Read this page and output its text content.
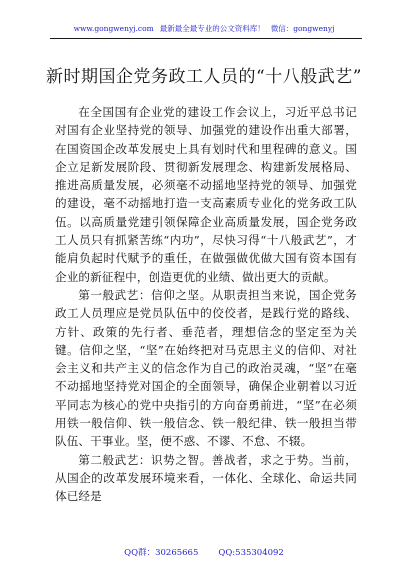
www.gongwenyj.com 最新最全最专业的公文资料库！ 微信：gongwenyj
新时期国企党务政工人员的“十八般武艺”

在全国国有企业党的建设工作会议上，习近平总书记对国有企业坚持党的领导、加强党的建设作出重大部署，在国资国企改革发展史上具有划时代和里程碑的意义。国企立足新发展阶段、贯彻新发展理念、构建新发展格局、推进高质量发展，必须毫不动摇地坚持党的领导、加强党的建设，毫不动摇地打造一支高素质专业化的党务政工队伍。以高质量党建引领保障企业高质量发展，国企党务政工人员只有抓紧苦练“内功”，尽快习得“十八般武艺”，才能肩负起时代赋予的重任，在做强做优做大国有资本国有企业的新征程中，创造更优的业绩、做出更大的贡献。

第一般武艺：信仰之坚。从职责担当来说，国企党务政工人员理应是党员队伍中的佼佼者，是践行党的路线、方针、政策的先行者、垂范者，理想信念的坚定至为关键。信仰之坚，“坚”在始终把对马克思主义的信仰、对社会主义和共产主义的信念作为自己的政治灵魂，“坚”在毫不动摇地坚持党对国企的全面领导，确保企业朝着以习近平同志为核心的党中央指引的方向奋勇前进，“坚”在必须用铁一般信仰、铁一般信念、铁一般纪律、铁一般担当带队伍、干事业。坚，便不惑、不谬、不怠、不辍。

第二般武艺：识势之智。善战者，求之于势。当前，从国企的改革发展环境来看，一体化、全球化、命运共同体已经是

QQ群：30265665 QQ:535304092
